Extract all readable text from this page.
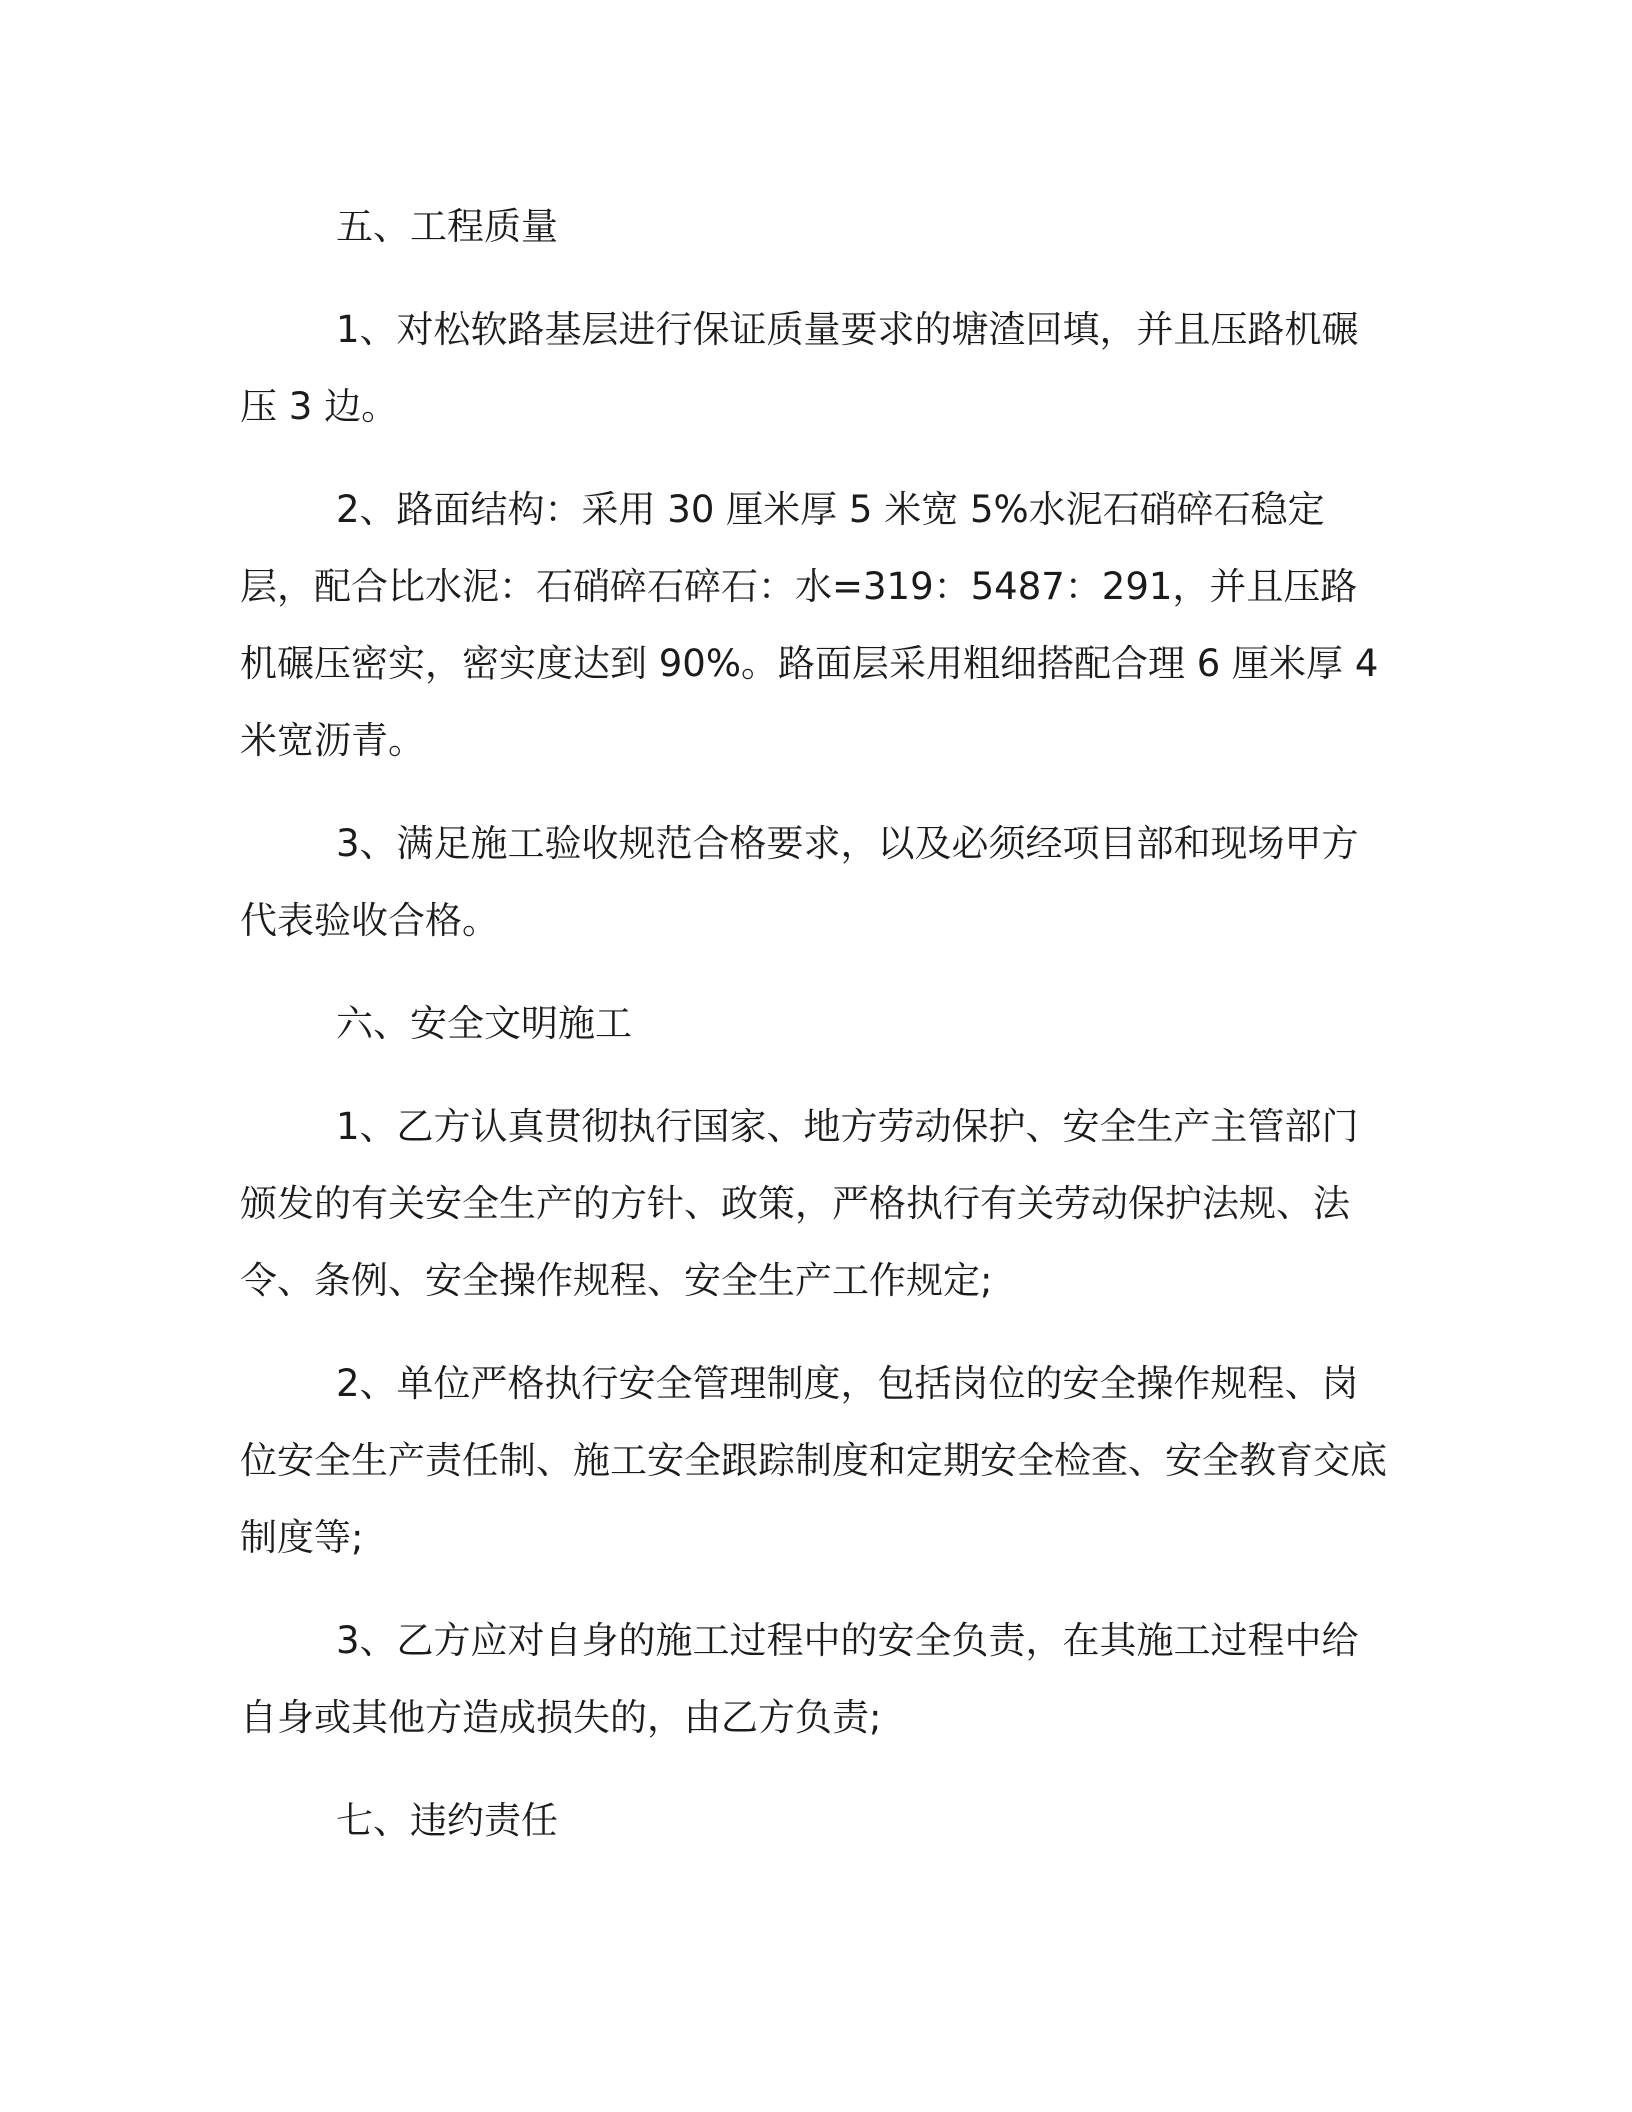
五、工程质量

1、对松软路基层进行保证质量要求的塘渣回填，并且压路机碾压 3 边。

2、路面结构：采用 30 厘米厚 5 米宽 5%水泥石硝碎石稳定层，配合比水泥：石硝碎石碎石：水=319：5487：291，并且压路机碾压密实，密实度达到 90%。路面层采用粗细搭配合理 6 厘米厚 4 米宽沥青。

3、满足施工验收规范合格要求，以及必须经项目部和现场甲方代表验收合格。

六、安全文明施工

1、乙方认真贯彻执行国家、地方劳动保护、安全生产主管部门颁发的有关安全生产的方针、政策，严格执行有关劳动保护法规、法令、条例、安全操作规程、安全生产工作规定;

2、单位严格执行安全管理制度，包括岗位的安全操作规程、岗位安全生产责任制、施工安全跟踪制度和定期安全检查、安全教育交底制度等;

3、乙方应对自身的施工过程中的安全负责，在其施工过程中给自身或其他方造成损失的，由乙方负责;

七、违约责任
